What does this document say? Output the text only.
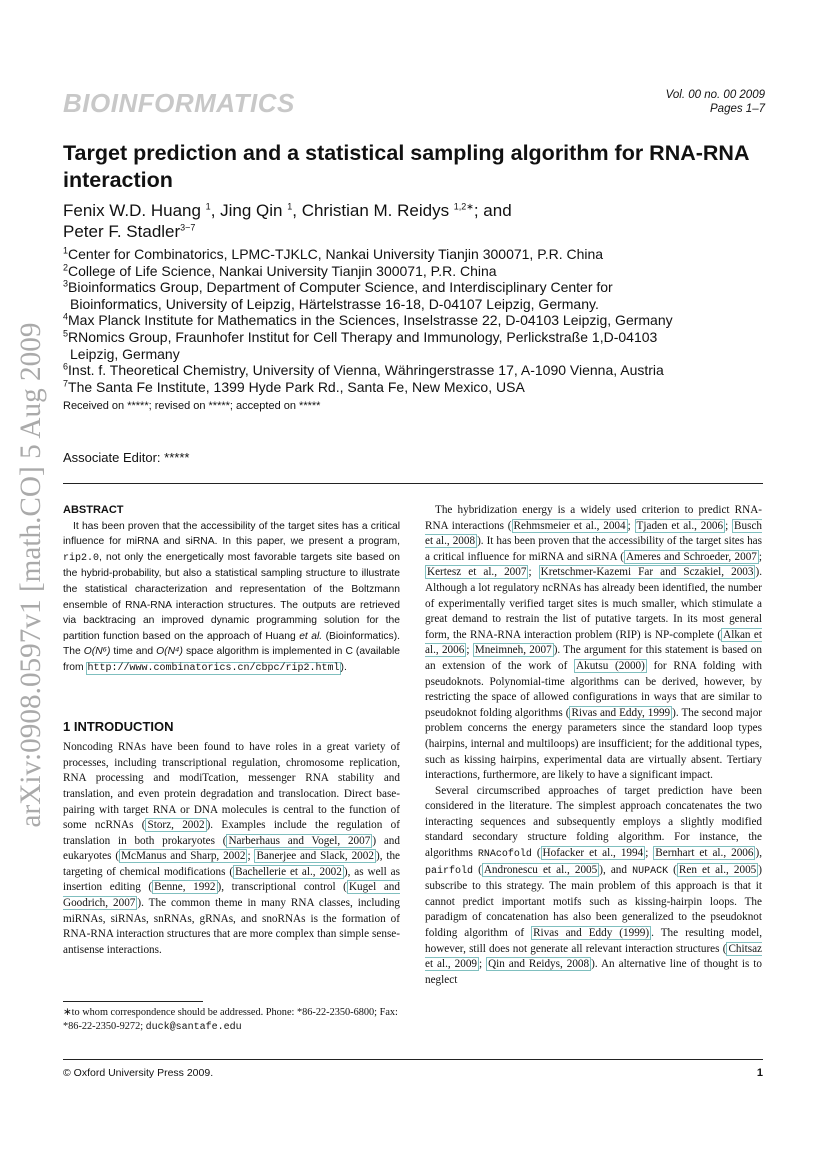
BIOINFORMATICS	Vol. 00 no. 00 2009
Pages 1–7
arXiv:0908.0597v1 [math.CO] 5 Aug 2009
Target prediction and a statistical sampling algorithm for RNA-RNA interaction
Fenix W.D. Huang $^1$, Jing Qin $^1$, Christian M. Reidys $^{1,2∗}$; and
Peter F. Stadler$^{3-7}$
$^1$Center for Combinatorics, LPMC-TJKLC, Nankai University Tianjin 300071, P.R. China
$^2$College of Life Science, Nankai University Tianjin 300071, P.R. China
$^3$Bioinformatics Group, Department of Computer Science, and Interdisciplinary Center for
Bioinformatics, University of Leipzig, Härtelstrasse 16-18, D-04107 Leipzig, Germany.
$^4$Max Planck Institute for Mathematics in the Sciences, Inselstrasse 22, D-04103 Leipzig, Germany
$^5$RNomics Group, Fraunhofer Institut for Cell Therapy and Immunology, Perlickstraße 1,D-04103
Leipzig, Germany
$^6$Inst. f. Theoretical Chemistry, University of Vienna, Währingerstrasse 17, A-1090 Vienna, Austria
$^7$The Santa Fe Institute, 1399 Hyde Park Rd., Santa Fe, New Mexico, USA
Received on *****; revised on *****; accepted on *****
Associate Editor: *****
ABSTRACT

It has been proven that the accessibility of the target sites has a critical influence for miRNA and siRNA. In this paper, we present a program, rip2.0, not only the energetically most favorable targets site based on the hybrid-probability, but also a statistical sampling structure to illustrate the statistical characterization and representation of the Boltzmann ensemble of RNA-RNA interaction structures. The outputs are retrieved via backtracing an improved dynamic programming solution for the partition function based on the approach of Huang et al. (Bioinformatics). The O(N⁶) time and O(N⁴) space algorithm is implemented in C (available from http://www.combinatorics.cn/cbpc/rip2.html).

1 INTRODUCTION

Noncoding RNAs have been found to have roles in a great variety of processes, including transcriptional regulation, chromosome replication, RNA processing and modiTcation, messenger RNA stability and translation, and even protein degradation and translocation. Direct base-pairing with target RNA or DNA molecules is central to the function of some ncRNAs ( Storz, 2002 ). Examples include the regulation of translation in both prokaryotes ( Narberhaus and Vogel, 2007 ) and eukaryotes ( McManus and Sharp, 2002 ; Banerjee and Slack, 2002 ), the targeting of chemical modifications ( Bachellerie et al., 2002 ), as well as insertion editing ( Benne, 1992 ), transcriptional control ( Kugel and Goodrich, 2007 ). The common theme in many RNA classes, including miRNAs, siRNAs, snRNAs, gRNAs, and snoRNAs is the formation of RNA-RNA interaction structures that are more complex than simple sense-antisense interactions.

The hybridization energy is a widely used criterion to predict RNA-RNA interactions ( Rehmsmeier et al., 2004 ; Tjaden et al., 2006 ; Busch et al., 2008 ). It has been proven that the accessibility of the target sites has a critical influence for miRNA and siRNA ( Ameres and Schroeder, 2007 ; Kertesz et al., 2007 ; Kretschmer-Kazemi Far and Sczakiel, 2003 ). Although a lot regulatory ncRNAs has already been identified, the number of experimentally verified target sites is much smaller, which stimulate a great demand to restrain the list of putative targets. In its most general form, the RNA-RNA interaction problem (RIP) is NP-complete ( Alkan et al., 2006 ; Mneimneh, 2007 ). The argument for this statement is based on an extension of the work of Akutsu (2000) for RNA folding with pseudoknots. Polynomial-time algorithms can be derived, however, by restricting the space of allowed configurations in ways that are similar to pseudoknot folding algorithms ( Rivas and Eddy, 1999 ). The second major problem concerns the energy parameters since the standard loop types (hairpins, internal and multiloops) are insufficient; for the additional types, such as kissing hairpins, experimental data are virtually absent. Tertiary interactions, furthermore, are likely to have a significant impact.

Several circumscribed approaches of target prediction have been considered in the literature. The simplest approach concatenates the two interacting sequences and subsequently employs a slightly modified standard secondary structure folding algorithm. For instance, the algorithms RNAcofold ( Hofacker et al., 1994 ; Bernhart et al., 2006 ), pairfold ( Andronescu et al., 2005 ), and NUPACK ( Ren et al., 2005 ) subscribe to this strategy. The main problem of this approach is that it cannot predict important motifs such as kissing-hairpin loops. The paradigm of concatenation has also been generalized to the pseudoknot folding algorithm of Rivas and Eddy (1999) . The resulting model, however, still does not generate all relevant interaction structures ( Chitsaz et al., 2009 ; Qin and Reidys, 2008 ). An alternative line of thought is to neglect

∗to whom correspondence should be addressed. Phone: *86-22-2350-6800; Fax: *86-22-2350-9272; duck@santafe.edu
© Oxford University Press 2009.	1
